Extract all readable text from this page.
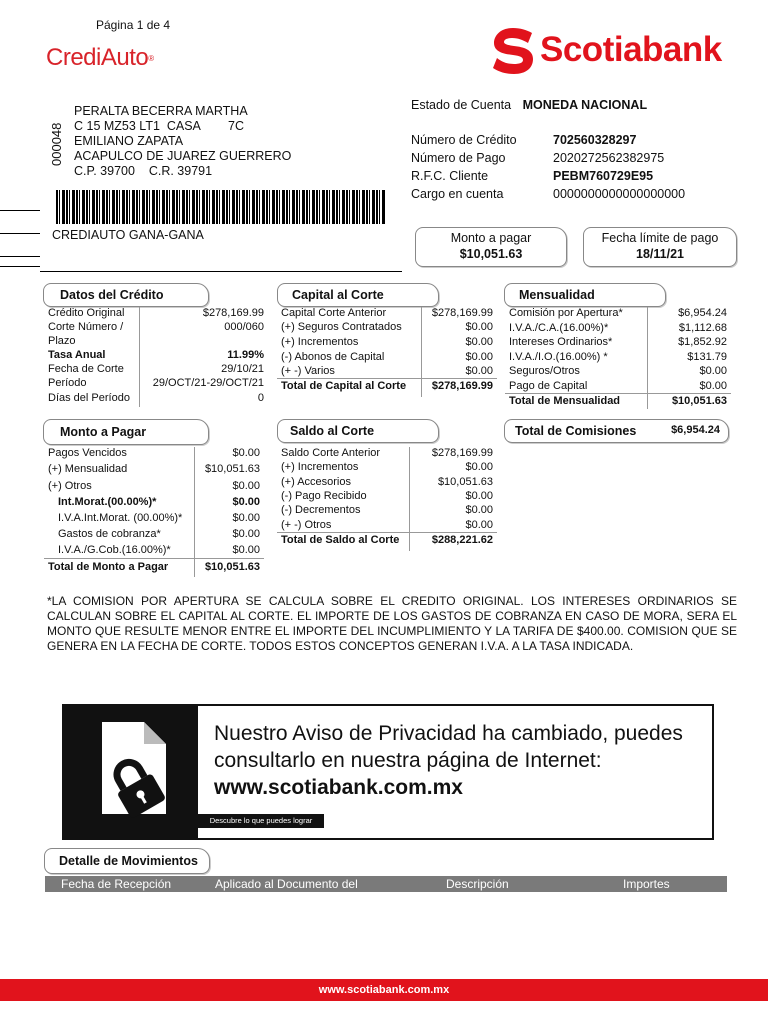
Página 1 de 4
CrediAuto®	Scotiabank
000048
PERALTA BECERRA MARTHA
C 15 MZ53 LT1  CASA        7C
EMILIANO ZAPATA
ACAPULCO DE JUAREZ GUERRERO
C.P. 39700    C.R. 39791
CREDIAUTO GANA-GANA
Estado de Cuenta MONEDA NACIONAL
Número de Crédito	702560328297
Número de Pago	2020272562382975
R.F.C. Cliente	PEBM760729E95
Cargo en cuenta	0000000000000000000
Monto a pagar
$10,051.63
Fecha límite de pago
18/11/21
Datos del Crédito
Crédito Original	$278,169.99
Corte Número /	000/060
Plazo
Tasa Anual	11.99%
Fecha de Corte	29/10/21
Período	29/OCT/21-29/OCT/21
Días del Período	0
Capital al Corte
Capital Corte Anterior	$278,169.99
(+) Seguros Contratados	$0.00
(+) Incrementos	$0.00
(-) Abonos de Capital	$0.00
(+ -) Varios	$0.00
Total de Capital al Corte $278,169.99
Mensualidad
Comisión por Apertura*	$6,954.24
I.V.A./C.A.(16.00%)*	$1,112.68
Intereses Ordinarios*	$1,852.92
I.V.A./I.O.(16.00%) *	$131.79
Seguros/Otros	$0.00
Pago de Capital	$0.00
Total de Mensualidad	$10,051.63
Total de Comisiones	$6,954.24
Monto a Pagar
Pagos Vencidos	$0.00
(+) Mensualidad	$10,051.63
(+) Otros	$0.00
Int.Morat.(00.00%)*	$0.00
I.V.A.Int.Morat. (00.00%)*	$0.00
Gastos de cobranza*	$0.00
I.V.A./G.Cob.(16.00%)*	$0.00
Total de Monto a Pagar	$10,051.63
Saldo al Corte
Saldo Corte Anterior	$278,169.99
(+) Incrementos	$0.00
(+) Accesorios	$10,051.63
(-) Pago Recibido	$0.00
(-) Decrementos	$0.00
(+ -) Otros	$0.00
Total de Saldo al Corte	$288,221.62
*LA COMISION POR APERTURA SE CALCULA SOBRE EL CREDITO ORIGINAL. LOS INTERESES ORDINARIOS SE CALCULAN SOBRE EL CAPITAL AL CORTE. EL IMPORTE DE LOS GASTOS DE COBRANZA EN CASO DE MORA, SERA EL MONTO QUE RESULTE MENOR ENTRE EL IMPORTE DEL INCUMPLIMIENTO Y LA TARIFA DE $400.00. COMISION QUE SE GENERA EN LA FECHA DE CORTE. TODOS ESTOS CONCEPTOS GENERAN I.V.A. A LA TASA INDICADA.
Descubre lo que puedes lograr
Nuestro Aviso de Privacidad ha cambiado, puedes
consultarlo en nuestra página de Internet:
www.scotiabank.com.mx
Detalle de Movimientos
Fecha de Recepción	Aplicado al Documento del	Descripción	Importes
www.scotiabank.com.mx
